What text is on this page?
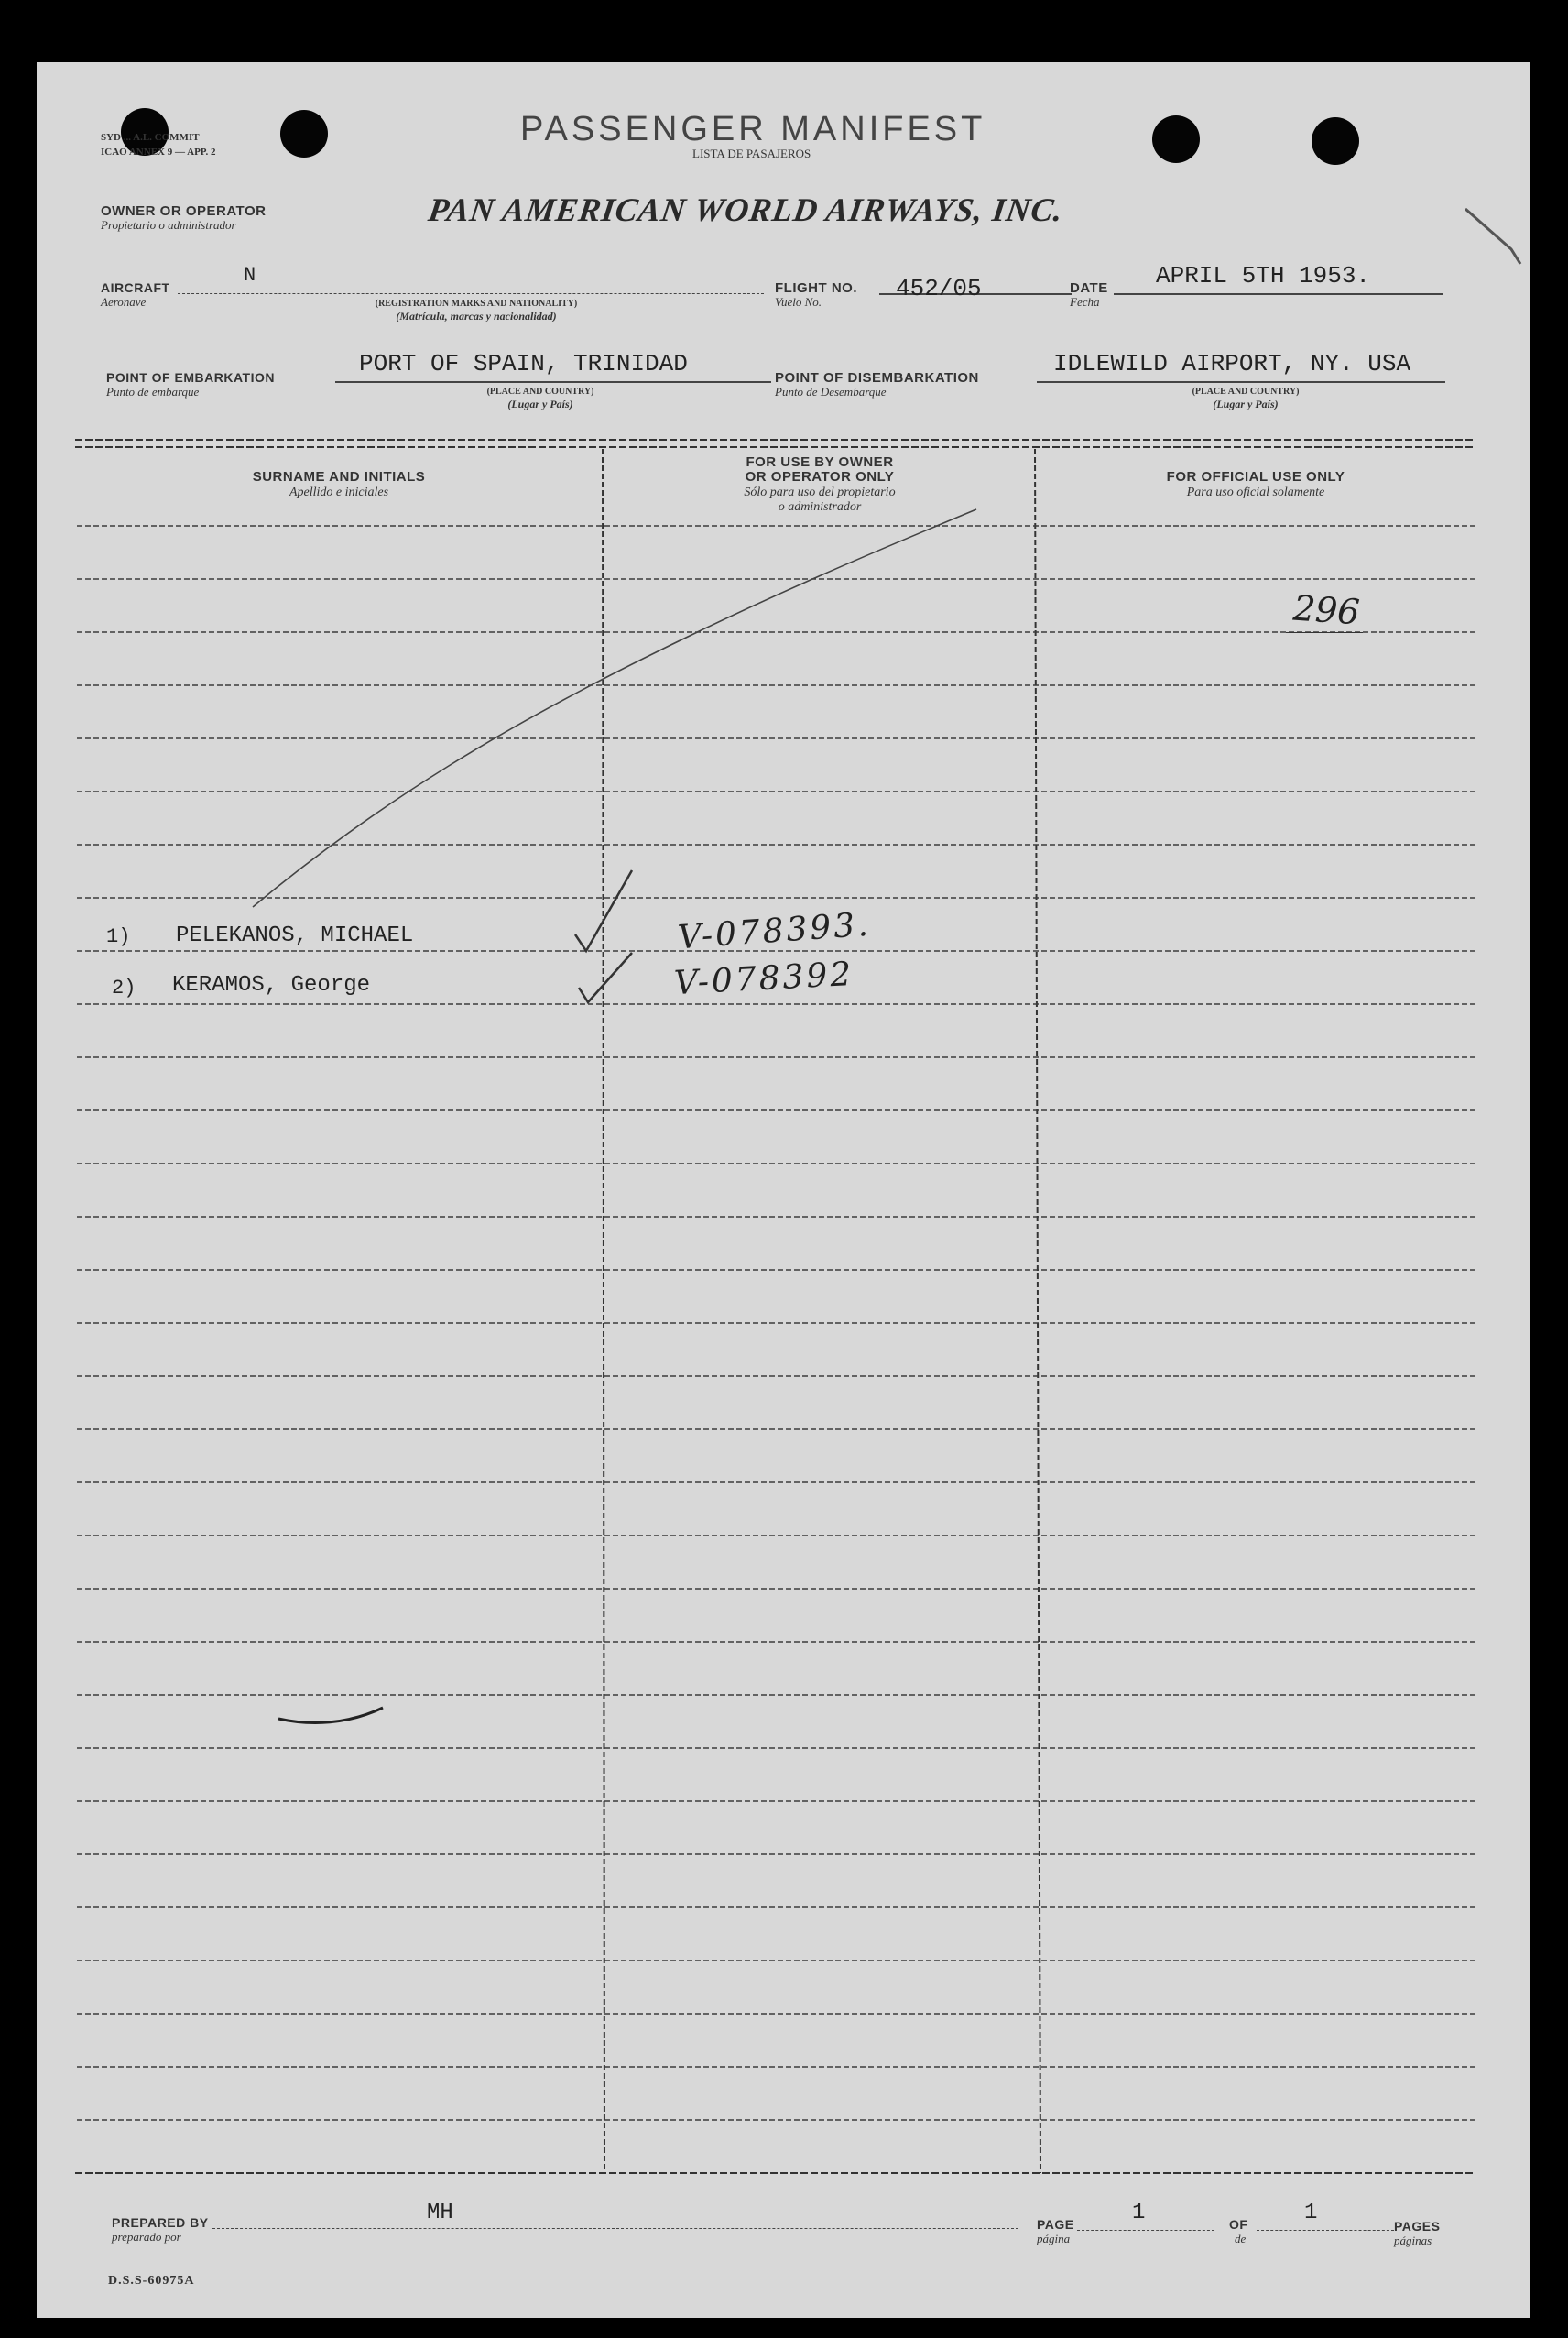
SYD ... A.L. COMMIT
ICAO ANNEX 9 — APP. 2
PASSENGER MANIFEST
LISTA DE PASAJEROS
OWNER OR OPERATOR
Propietario o administrador	PAN AMERICAN WORLD AIRWAYS, INC.
AIRCRAFT
Aeronave
N
(REGISTRATION MARKS AND NATIONALITY)
(Matrícula, marcas y nacionalidad)
FLIGHT NO.
Vuelo No.	452/05	DATE
Fecha
APRIL 5TH 1953.
POINT OF EMBARKATION
Punto de embarque
PORT OF SPAIN, TRINIDAD
(PLACE AND COUNTRY)
(Lugar y País)
POINT OF DISEMBARKATION
Punto de Desembarque
IDLEWILD AIRPORT, NY. USA
(PLACE AND COUNTRY)
(Lugar y País)
SURNAME AND INITIALS
Apellido e iniciales
FOR USE BY OWNER
OR OPERATOR ONLY
Sólo para uso del propietario
o administrador
FOR OFFICIAL USE ONLY
Para uso oficial solamente
296
1) PELEKANOS, MICHAEL	V-078393.
2) KERAMOS, George	V-078392
PREPARED BY
preparado por
MH
D.S.S-60975A
PAGE
página
1	OF
de
1
PAGES
páginas
